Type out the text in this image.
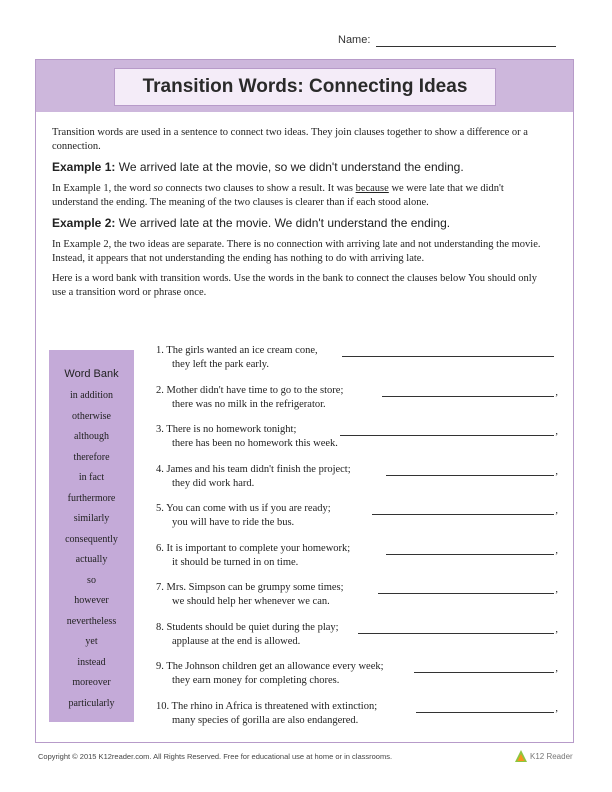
Name:
Transition Words: Connecting Ideas

Transition words are used in a sentence to connect two ideas. They join clauses together to show a difference or a connection.

Example 1: We arrived late at the movie, so we didn't understand the ending.

In Example 1, the word so connects two clauses to show a result. It was because we were late that we didn't understand the ending. The meaning of the two clauses is clearer than if each stood alone.

Example 2: We arrived late at the movie. We didn't understand the ending.

In Example 2, the two ideas are separate. There is no connection with arriving late and not understanding the movie. Instead, it appears that not understanding the ending has nothing to do with arriving late.

Here is a word bank with transition words. Use the words in the bank to connect the clauses below You should only use a transition word or phrase once.

Word Bank
in addition
otherwise
although
therefore
in fact
furthermore
similarly
consequently
actually
so
however
nevertheless
yet
instead
moreover
particularly
1. The girls wanted an ice cream cone,
they left the park early.
2. Mother didn't have time to go to the store;	,
there was no milk in the refrigerator.
3. There is no homework tonight;	,
there has been no homework this week.
4. James and his team didn't finish the project;	,
they did work hard.
5. You can come with us if you are ready;	,
you will have to ride the bus.
6. It is important to complete your homework;	,
it should be turned in on time.
7. Mrs. Simpson can be grumpy some times;	,
we should help her whenever we can.
8. Students should be quiet during the play;	,
applause at the end is allowed.
9. The Johnson children get an allowance every week;	,
they earn money for completing chores.
10. The rhino in Africa is threatened with extinction;	,
many species of gorilla are also endangered.
Copyright © 2015 K12reader.com. All Rights Reserved. Free for educational use at home or in classrooms.	K12 Reader
